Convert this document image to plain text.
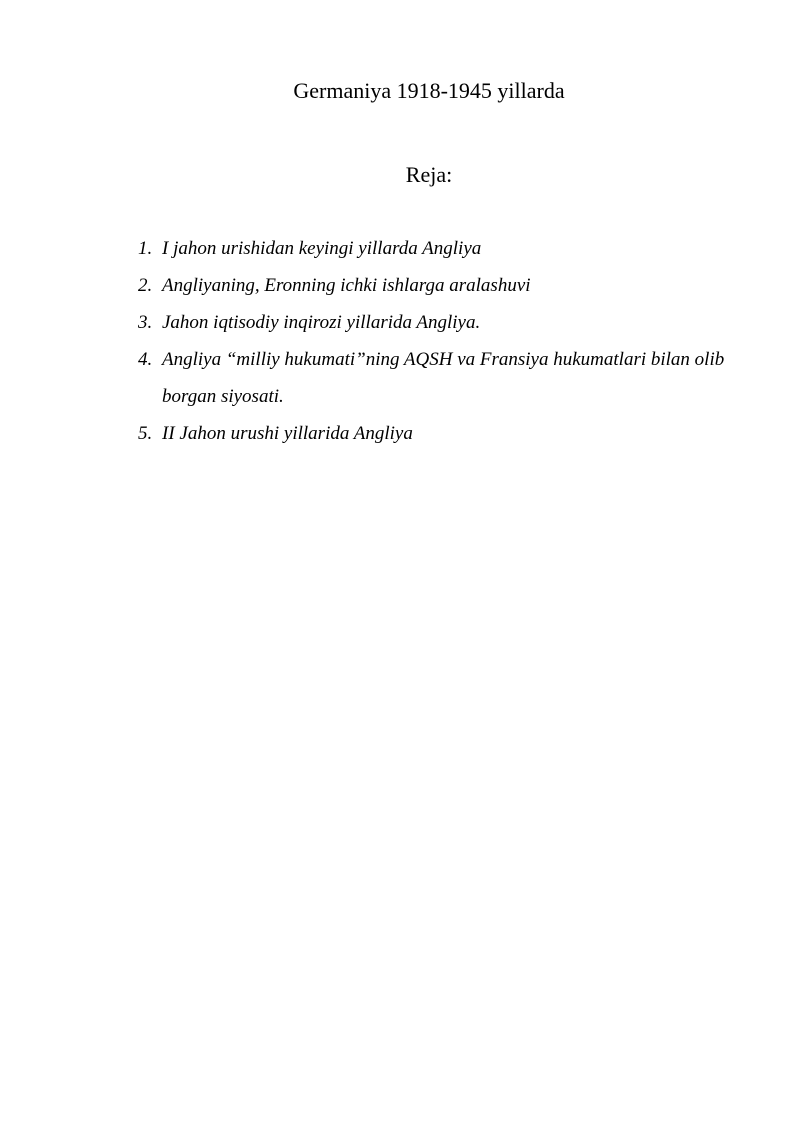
Germaniya 1918-1945 yillarda
Reja:
1. I jahon urishidan keyingi yillarda Angliya
2. Angliyaning, Eronning ichki ishlarga aralashuvi
3. Jahon iqtisodiy inqirozi yillarida Angliya.
4. Angliya “milliy hukumati”ning AQSH va Fransiya hukumatlari bilan olib borgan siyosati.
5. II Jahon urushi yillarida Angliya
